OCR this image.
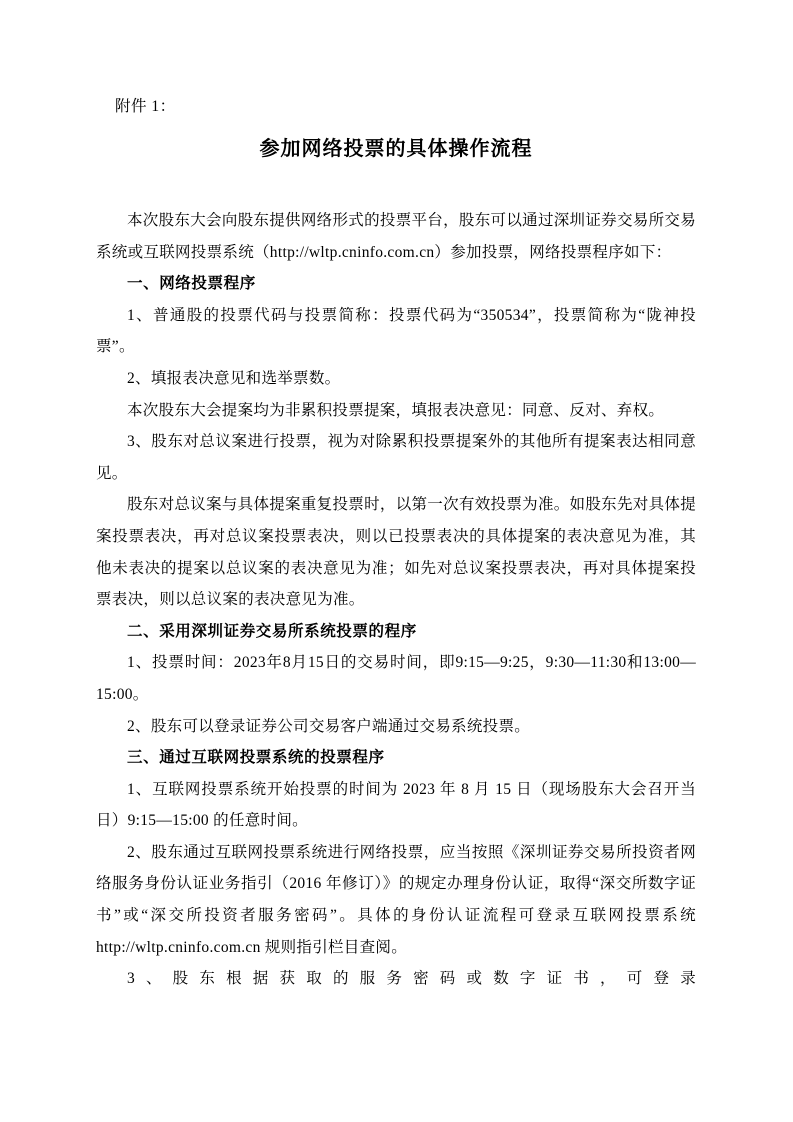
附件 1：

参加网络投票的具体操作流程

本次股东大会向股东提供网络形式的投票平台，股东可以通过深圳证券交易所交易系统或互联网投票系统（http://wltp.cninfo.com.cn）参加投票，网络投票程序如下：

一、网络投票程序

1、普通股的投票代码与投票简称：投票代码为“350534”，投票简称为“陇神投票”。

2、填报表决意见和选举票数。

本次股东大会提案均为非累积投票提案，填报表决意见：同意、反对、弃权。

3、股东对总议案进行投票，视为对除累积投票提案外的其他所有提案表达相同意见。

股东对总议案与具体提案重复投票时，以第一次有效投票为准。如股东先对具体提案投票表决，再对总议案投票表决，则以已投票表决的具体提案的表决意见为准，其他未表决的提案以总议案的表决意见为准；如先对总议案投票表决，再对具体提案投票表决，则以总议案的表决意见为准。

二、采用深圳证券交易所系统投票的程序

1、投票时间：2023年8月15日的交易时间，即9:15—9:25，9:30—11:30和13:00—15:00。

2、股东可以登录证券公司交易客户端通过交易系统投票。

三、通过互联网投票系统的投票程序

1、互联网投票系统开始投票的时间为 2023 年 8 月 15 日（现场股东大会召开当日）9:15—15:00 的任意时间。

2、股东通过互联网投票系统进行网络投票，应当按照《深圳证券交易所投资者网络服务身份认证业务指引（2016 年修订）》的规定办理身份认证，取得“深交所数字证书”或“深交所投资者服务密码”。具体的身份认证流程可登录互联网投票系统 http://wltp.cninfo.com.cn 规则指引栏目查阅。

3、股东根据获取的服务密码或数字证书，可登录
